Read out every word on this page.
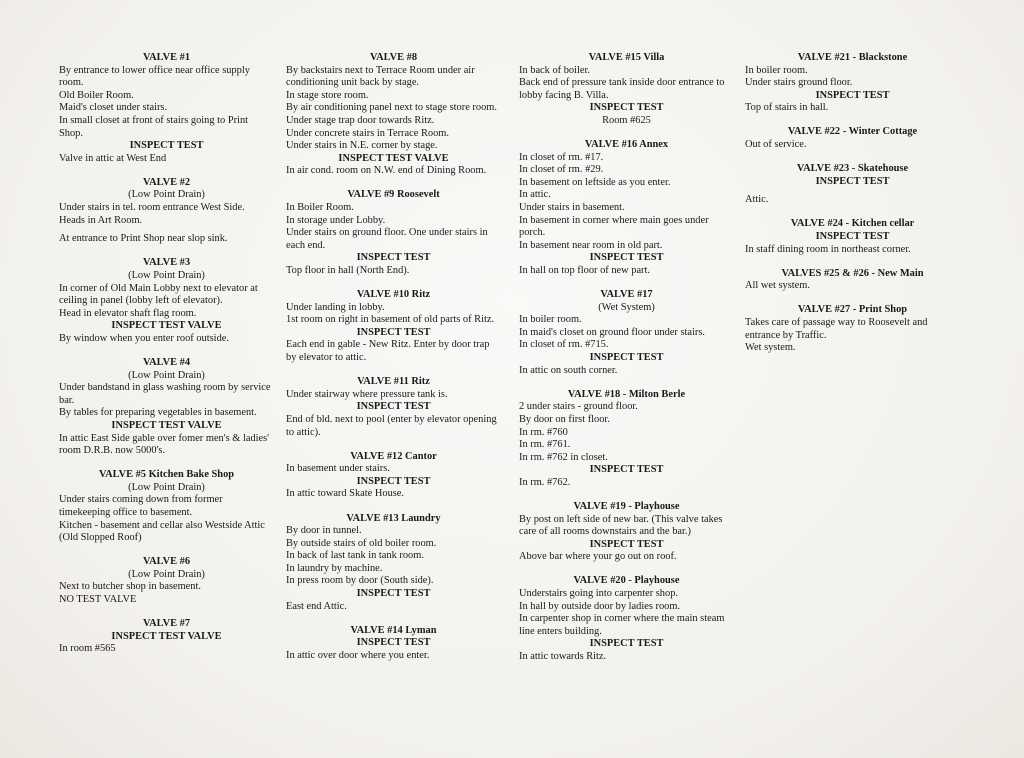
VALVE #1
By entrance to lower office near office supply room.
Old Boiler Room.
Maid's closet under stairs.
In small closet at front of stairs going to Print Shop.
INSPECT TEST
Valve in attic at West End
VALVE #2
(Low Point Drain)
Under stairs in tel. room entrance West Side.
Heads in Art Room.
At entrance to Print Shop near slop sink.
VALVE #3
(Low Point Drain)
In corner of Old Main Lobby next to elevator at ceiling in panel (lobby left of elevator).
Head in elevator shaft flag room.
INSPECT TEST VALVE
By window when you enter roof outside.
VALVE #4
(Low Point Drain)
Under bandstand in glass washing room by service bar.
By tables for preparing vegetables in basement.
INSPECT TEST VALVE
In attic East Side gable over fomer men's & ladies' room D.R.B. now 5000's.
VALVE #5 Kitchen Bake Shop
(Low Point Drain)
Under stairs coming down from former timekeeping office to basement.
Kitchen - basement and cellar also Westside Attic (Old Slopped Roof)
VALVE #6
(Low Point Drain)
Next to butcher shop in basement.
NO TEST VALVE
VALVE #7
INSPECT TEST VALVE
In room #565
VALVE #8
By backstairs next to Terrace Room under air conditioning unit back by stage.
In stage store room.
By air conditioning panel next to stage store room.
Under stage trap door towards Ritz.
Under concrete stairs in Terrace Room.
Under stairs in N.E. corner by stage.
INSPECT TEST VALVE
In air cond. room on N.W. end of Dining Room.
VALVE #9 Roosevelt
In Boiler Room.
In storage under Lobby.
Under stairs on ground floor. One under stairs in each end.
INSPECT TEST
Top floor in hall (North End).
VALVE #10 Ritz
Under landing in lobby.
1st room on right in basement of old parts of Ritz.
INSPECT TEST
Each end in gable - New Ritz. Enter by door trap by elevator to attic.
VALVE #11 Ritz
Under stairway where pressure tank is.
INSPECT TEST
End of bld. next to pool (enter by elevator opening to attic).
VALVE #12 Cantor
In basement under stairs.
INSPECT TEST
In attic toward Skate House.
VALVE #13 Laundry
By door in tunnel.
By outside stairs of old boiler room.
In back of last tank in tank room.
In laundry by machine.
In press room by door (South side).
INSPECT TEST
East end Attic.
VALVE #14 Lyman
INSPECT TEST
In attic over door where you enter.
VALVE #15 Villa
In back of boiler.
Back end of pressure tank inside door entrance to lobby facing B. Villa.
INSPECT TEST
Room #625
VALVE #16 Annex
In closet of rm. #17.
In closet of rm. #29.
In basement on leftside as you enter.
In attic.
Under stairs in basement.
In basement in corner where main goes under porch.
In basement near room in old part.
INSPECT TEST
In hall on top floor of new part.
VALVE #17
(Wet System)
In boiler room.
In maid's closet on ground floor under stairs.
In closet of rm. #715.
INSPECT TEST
In attic on south corner.
VALVE #18 - Milton Berle
2 under stairs - ground floor.
By door on first floor.
In rm. #760
In rm. #761.
In rm. #762 in closet.
INSPECT TEST
In rm. #762.
VALVE #19 - Playhouse
By post on left side of new bar. (This valve takes care of all rooms downstairs and the bar.)
INSPECT TEST
Above bar where your go out on roof.
VALVE #20 - Playhouse
Understairs going into carpenter shop.
In hall by outside door by ladies room.
In carpenter shop in corner where the main steam line enters building.
INSPECT TEST
In attic towards Ritz.
VALVE #21 - Blackstone
In boiler room.
Under stairs ground floor.
INSPECT TEST
Top of stairs in hall.
VALVE #22 - Winter Cottage
Out of service.
VALVE #23 - Skatehouse
INSPECT TEST
Attic.
VALVE #24 - Kitchen cellar
INSPECT TEST
In staff dining room in northeast corner.
VALVES #25 & #26 - New Main
All wet system.
VALVE #27 - Print Shop
Takes care of passage way to Roosevelt and entrance by Traffic.
Wet system.
